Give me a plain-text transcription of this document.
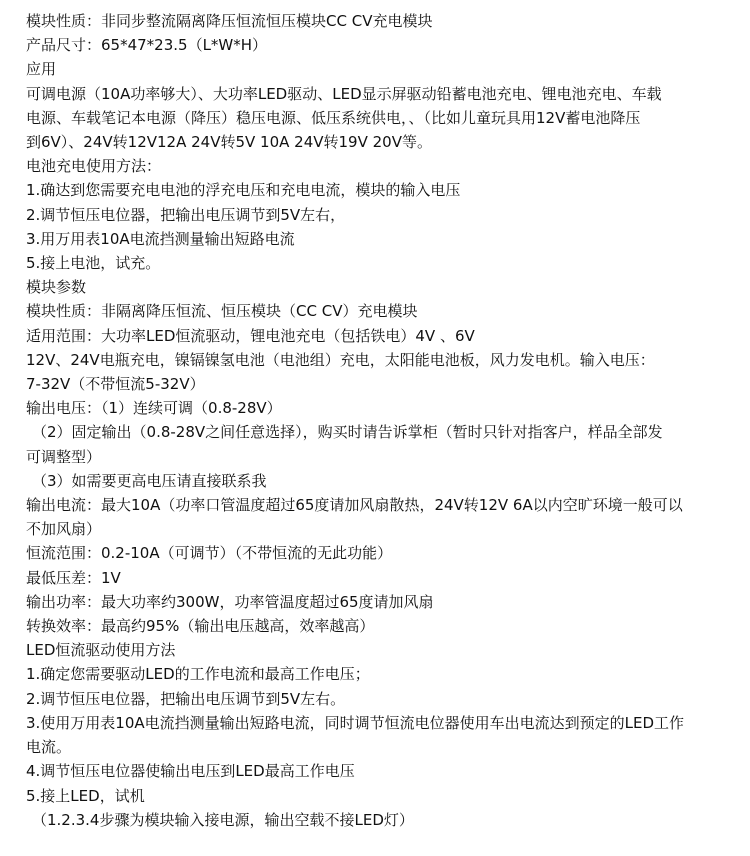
模块性质：非同步整流隔离降压恒流恒压模块CC CV充电模块
产品尺寸：65*47*23.5（L*W*H）
应用
可调电源（10A功率够大）、大功率LED驱动、LED显示屏驱动铅蓄电池充电、锂电池充电、车载
电源、车载笔记本电源（降压）稳压电源、低压系统供电，、（比如儿童玩具用12V蓄电池降压
到6V）、24V转12V12A 24V转5V 10A 24V转19V 20V等。
电池充电使用方法：
1.确达到您需要充电电池的浮充电压和充电电流，模块的输入电压
2.调节恒压电位器，把输出电压调节到5V左右，
3.用万用表10A电流挡测量输出短路电流
5.接上电池，试充。
模块参数
模块性质：非隔离降压恒流、恒压模块（CC CV）充电模块
适用范围：大功率LED恒流驱动，锂电池充电（包括铁电）4V 、6V
12V、24V电瓶充电，镍镉镍氢电池（电池组）充电，太阳能电池板，风力发电机。输入电压：
7-32V（不带恒流5-32V）
输出电压：（1）连续可调（0.8-28V）
（2）固定输出（0.8-28V之间任意选择），购买时请告诉掌柜（暂时只针对指客户，样品全部发
可调整型）
（3）如需要更高电压请直接联系我
输出电流：最大10A（功率口管温度超过65度请加风扇散热，24V转12V 6A以内空旷环境一般可以
不加风扇）
恒流范围：0.2-10A（可调节）（不带恒流的无此功能）
最低压差：1V
输出功率：最大功率约300W，功率管温度超过65度请加风扇
转换效率：最高约95%（输出电压越高，效率越高）
LED恒流驱动使用方法
1.确定您需要驱动LED的工作电流和最高工作电压；
2.调节恒压电位器，把输出电压调节到5V左右。
3.使用万用表10A电流挡测量输出短路电流，同时调节恒流电位器使用车出电流达到预定的LED工作
电流。
4.调节恒压电位器使输出电压到LED最高工作电压
5.接上LED，试机
（1.2.3.4步骤为模块输入接电源，输出空载不接LED灯）
